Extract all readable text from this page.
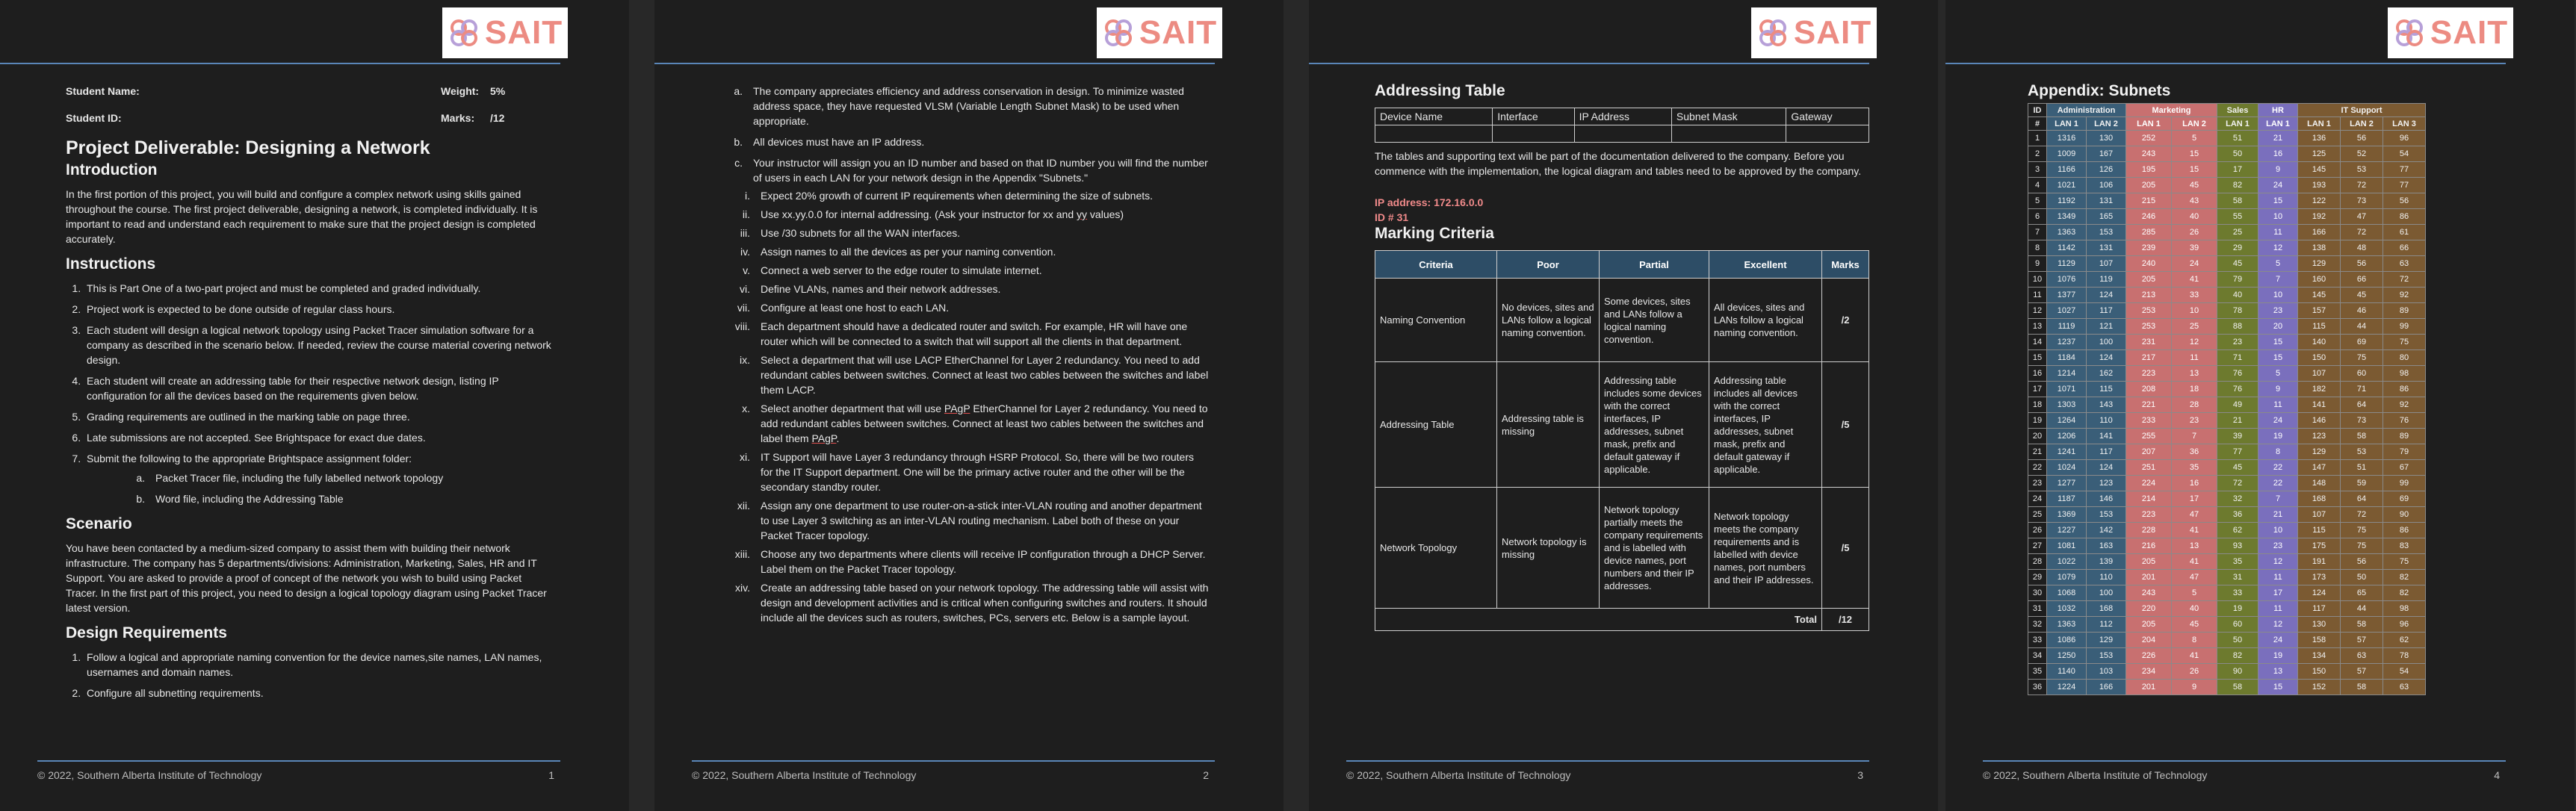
SAIT
Student Name:	Weight:	5%
Student ID:	Marks:	/12
Project Deliverable: Designing a Network
Introduction

In the first portion of this project, you will build and configure a complex network using skills gained throughout the course. The first project deliverable, designing a network, is completed individually. It is important to read and understand each requirement to make sure that the project design is completed accurately.

Instructions
1. This is Part One of a two-part project and must be completed and graded individually.
2. Project work is expected to be done outside of regular class hours.
3. Each student will design a logical network topology using Packet Tracer simulation software for a company as described in the scenario below. If needed, review the course material covering network design.
4. Each student will create an addressing table for their respective network design, listing IP configuration for all the devices based on the requirements given below.
5. Grading requirements are outlined in the marking table on page three.
6. Late submissions are not accepted. See Brightspace for exact due dates.
7. Submit the following to the appropriate Brightspace assignment folder:
a.	Packet Tracer file, including the fully labelled network topology
b.	Word file, including the Addressing Table
Scenario

You have been contacted by a medium-sized company to assist them with building their network infrastructure. The company has 5 departments/divisions: Administration, Marketing, Sales, HR and IT Support. You are asked to provide a proof of concept of the network you wish to build using Packet Tracer. In the first part of this project, you need to design a logical topology diagram using Packet Tracer latest version.

Design Requirements
1. Follow a logical and appropriate naming convention for the device names,site names, LAN names, usernames and domain names.
2. Configure all subnetting requirements.
© 2022, Southern Alberta Institute of Technology	1
SAIT
a.	The company appreciates efficiency and address conservation in design. To minimize wasted address space, they have requested VLSM (Variable Length Subnet Mask) to be used when appropriate.
b.	All devices must have an IP address.
c.	Your instructor will assign you an ID number and based on that ID number you will find the number of users in each LAN for your network design in the Appendix "Subnets."
i.	Expect 20% growth of current IP requirements when determining the size of subnets.
ii.	Use xx.yy.0.0 for internal addressing. (Ask your instructor for xx and yy values)
iii.	Use /30 subnets for all the WAN interfaces.
iv.	Assign names to all the devices as per your naming convention.
v.	Connect a web server to the edge router to simulate internet.
vi.	Define VLANs, names and their network addresses.
vii.	Configure at least one host to each LAN.
viii.	Each department should have a dedicated router and switch. For example, HR will have one router which will be connected to a switch that will support all the clients in that department.
ix.	Select a department that will use LACP EtherChannel for Layer 2 redundancy. You need to add redundant cables between switches. Connect at least two cables between the switches and label them LACP.
x.	Select another department that will use PAgP EtherChannel for Layer 2 redundancy. You need to add redundant cables between switches. Connect at least two cables between the switches and label them PAgP.
xi.	IT Support will have Layer 3 redundancy through HSRP Protocol. So, there will be two routers for the IT Support department. One will be the primary active router and the other will be the secondary standby router.
xii.	Assign any one department to use router-on-a-stick inter-VLAN routing and another department to use Layer 3 switching as an inter-VLAN routing mechanism. Label both of these on your Packet Tracer topology.
xiii.	Choose any two departments where clients will receive IP configuration through a DHCP Server. Label them on the Packet Tracer topology.
xiv.	Create an addressing table based on your network topology. The addressing table will assist with design and development activities and is critical when configuring switches and routers. It should include all the devices such as routers, switches, PCs, servers etc. Below is a sample layout.
© 2022, Southern Alberta Institute of Technology	2
SAIT
Addressing Table
Device Name	Interface	IP Address	Subnet Mask	Gateway

The tables and supporting text will be part of the documentation delivered to the company. Before you commence with the implementation, the logical diagram and tables need to be approved by the company.

IP address: 172.16.0.0
ID # 31
Marking Criteria
Criteria	Poor	Partial	Excellent	Marks
Naming Convention	No devices, sites and LANs follow a logical naming convention.	Some devices, sites and LANs follow a logical naming convention.	All devices, sites and LANs follow a logical naming convention.	/2
Addressing Table	Addressing table is missing	Addressing table includes some devices with the correct interfaces, IP addresses, subnet mask, prefix and default gateway if applicable.	Addressing table includes all devices with the correct interfaces, IP addresses, subnet mask, prefix and default gateway if applicable.	/5
Network Topology	Network topology is missing	Network topology partially meets the company requirements and is labelled with device names, port numbers and their IP addresses.	Network topology meets the company requirements and is labelled with device names, port numbers and their IP addresses.	/5
Total				/12
© 2022, Southern Alberta Institute of Technology	3
SAIT
Appendix: Subnets
ID	Administration		Marketing		Sales	HR	IT Support		
#	LAN 1	LAN 2	LAN 1	LAN 2	LAN 1	LAN 1	LAN 1	LAN 2	LAN 3
1	1316	130	252	5	51	21	136	56	96
2	1009	167	243	15	50	16	125	52	54
3	1166	126	195	15	17	9	145	53	77
4	1021	106	205	45	82	24	193	72	77
5	1192	131	215	43	58	15	122	73	56
6	1349	165	246	40	55	10	192	47	86
7	1363	153	285	26	25	11	166	72	61
8	1142	131	239	39	29	12	138	48	66
9	1129	107	240	24	45	5	129	56	63
10	1076	119	205	41	79	7	160	66	72
11	1377	124	213	33	40	10	145	45	92
12	1027	117	253	10	78	23	157	46	89
13	1119	121	253	25	88	20	115	44	99
14	1237	100	231	12	23	15	140	69	75
15	1184	124	217	11	71	15	150	75	80
16	1214	162	223	13	76	5	107	60	98
17	1071	115	208	18	76	9	182	71	86
18	1303	143	221	28	49	11	141	64	92
19	1264	110	233	23	21	24	146	73	76
20	1206	141	255	7	39	19	123	58	89
21	1241	117	207	36	77	8	129	53	79
22	1024	124	251	35	45	22	147	51	67
23	1277	123	224	16	72	22	148	59	99
24	1187	146	214	17	32	7	168	64	69
25	1369	153	223	47	36	21	107	72	90
26	1227	142	228	41	62	10	115	75	86
27	1081	163	216	13	93	23	175	75	83
28	1022	139	205	41	35	12	191	56	75
29	1079	110	201	47	31	11	173	50	82
30	1068	100	243	5	33	17	124	65	82
31	1032	168	220	40	19	11	117	44	98
32	1363	112	205	45	60	12	130	58	96
33	1086	129	204	8	50	24	158	57	62
34	1250	153	226	41	82	19	134	63	78
35	1140	103	234	26	90	13	150	57	54
36	1224	166	201	9	58	15	152	58	63
© 2022, Southern Alberta Institute of Technology	4
